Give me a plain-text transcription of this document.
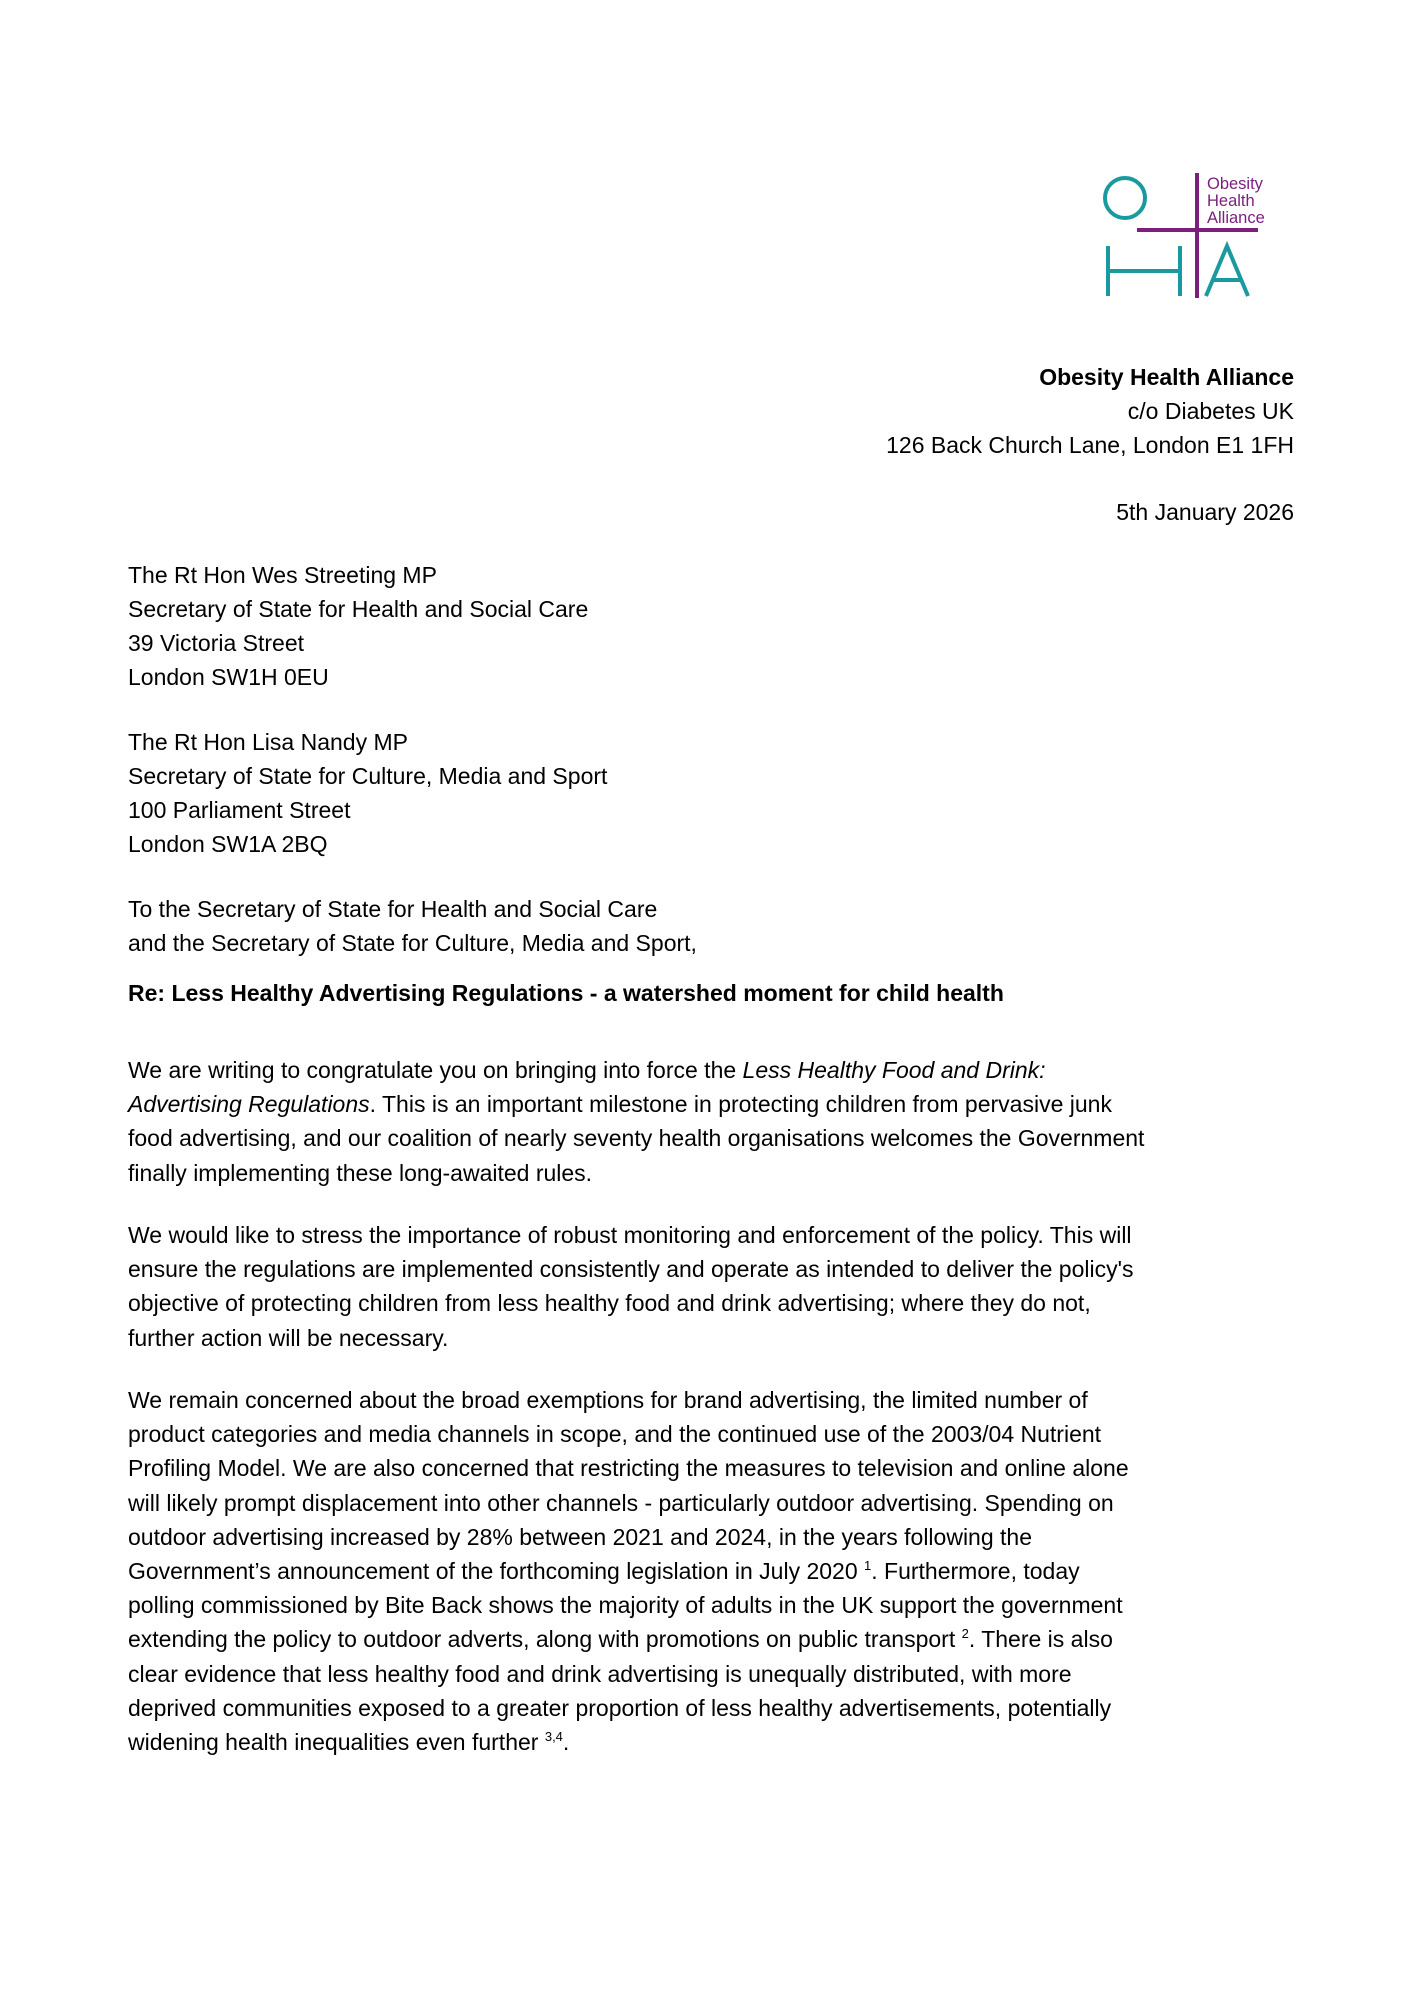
Obesity
Health
Alliance
Obesity Health Alliance
c/o Diabetes UK
126 Back Church Lane, London E1 1FH
5th January 2026
The Rt Hon Wes Streeting MP
Secretary of State for Health and Social Care
39 Victoria Street
London SW1H 0EU
The Rt Hon Lisa Nandy MP
Secretary of State for Culture, Media and Sport
100 Parliament Street
London SW1A 2BQ
To the Secretary of State for Health and Social Care
and the Secretary of State for Culture, Media and Sport,
Re: Less Healthy Advertising Regulations - a watershed moment for child health
We are writing to congratulate you on bringing into force the Less Healthy Food and Drink:
Advertising Regulations. This is an important milestone in protecting children from pervasive junk
food advertising, and our coalition of nearly seventy health organisations welcomes the Government
finally implementing these long-awaited rules.
We would like to stress the importance of robust monitoring and enforcement of the policy. This will
ensure the regulations are implemented consistently and operate as intended to deliver the policy's
objective of protecting children from less healthy food and drink advertising; where they do not,
further action will be necessary.
We remain concerned about the broad exemptions for brand advertising, the limited number of
product categories and media channels in scope, and the continued use of the 2003/04 Nutrient
Profiling Model. We are also concerned that restricting the measures to television and online alone
will likely prompt displacement into other channels - particularly outdoor advertising. Spending on
outdoor advertising increased by 28% between 2021 and 2024, in the years following the
Government’s announcement of the forthcoming legislation in July 2020 $^1$. Furthermore, today
polling commissioned by Bite Back shows the majority of adults in the UK support the government
extending the policy to outdoor adverts, along with promotions on public transport $^2$. There is also
clear evidence that less healthy food and drink advertising is unequally distributed, with more
deprived communities exposed to a greater proportion of less healthy advertisements, potentially
widening health inequalities even further $^{3,4}$.
